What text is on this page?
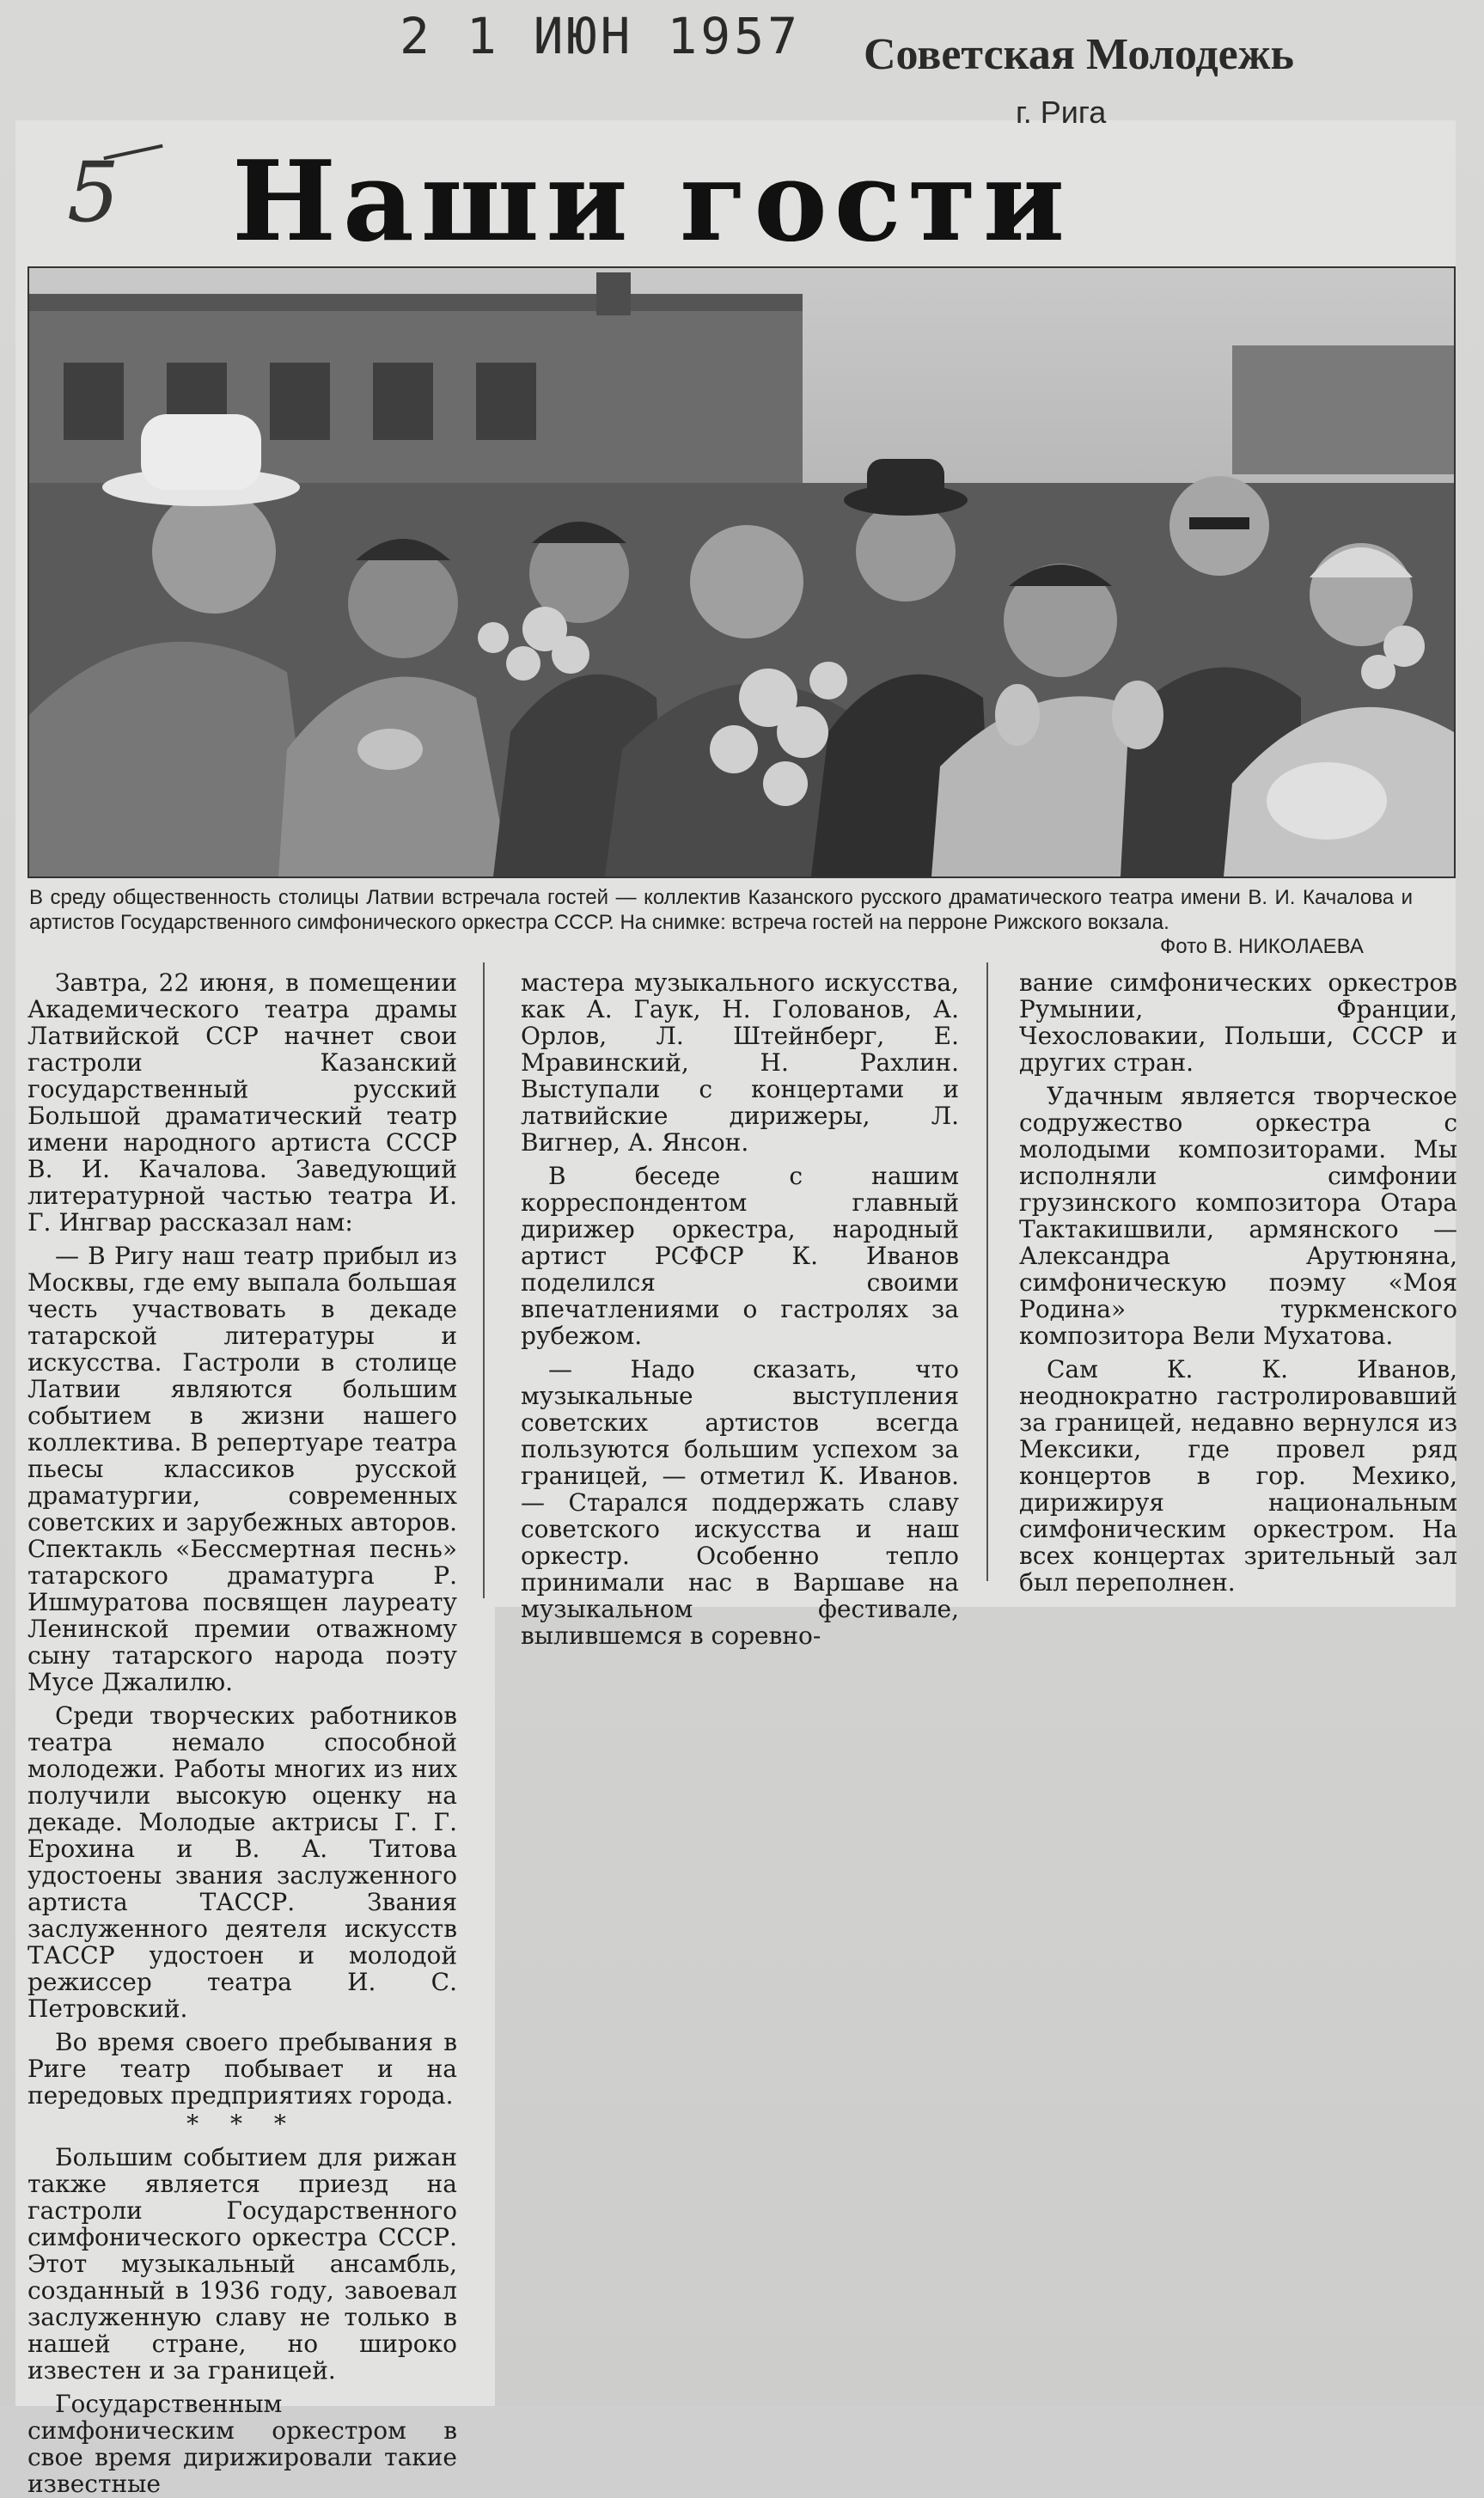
2 1 ИЮН 1957 Советская Молодежь
г. Рига
5 Наши гости
В среду общественность столицы Латвии встречала гостей — коллектив Казанского русского драматического театра имени В. И. Качалова и артистов Государственного симфонического оркестра СССР. На снимке: встреча гостей на перроне Рижского вокзала.
Фото В. НИКОЛАЕВА

Завтра, 22 июня, в помещении Академического театра драмы Латвийской ССР начнет свои гастроли Казанский государственный русский Большой драматический театр имени народного артиста СССР В. И. Качалова. Заведующий литературной частью театра И. Г. Ингвар рассказал нам:

— В Ригу наш театр прибыл из Москвы, где ему выпала большая честь участвовать в декаде татарской литературы и искусства. Гастроли в столице Латвии являются большим событием в жизни нашего коллектива. В репертуаре театра пьесы классиков русской драматургии, современных советских и зарубежных авторов. Спектакль «Бессмертная песнь» татарского драматурга Р. Ишмуратова посвящен лауреату Ленинской премии отважному сыну татарского народа поэту Мусе Джалилю.

Среди творческих работников театра немало способной молодежи. Работы многих из них получили высокую оценку на декаде. Молодые актрисы Г. Г. Ерохина и В. А. Титова удостоены звания заслуженного артиста ТАССР. Звания заслуженного деятеля искусств ТАССР удостоен и молодой режиссер театра И. С. Петровский.

Во время своего пребывания в Риге театр побывает и на передовых предприятиях города.

* * *

Большим событием для рижан также является приезд на гастроли Государственного симфонического оркестра СССР. Этот музыкальный ансамбль, созданный в 1936 году, завоевал заслуженную славу не только в нашей стране, но широко известен и за границей.

Государственным симфоническим оркестром в свое время дирижировали такие известные

мастера музыкального искусства, как А. Гаук, Н. Голованов, А. Орлов, Л. Штейнберг, Е. Мравинский, Н. Рахлин. Выступали с концертами и латвийские дирижеры, Л. Вигнер, А. Янсон.

В беседе с нашим корреспондентом главный дирижер оркестра, народный артист РСФСР К. Иванов поделился своими впечатлениями о гастролях за рубежом.

— Надо сказать, что музыкальные выступления советских артистов всегда пользуются большим успехом за границей, — отметил К. Иванов. — Старался поддержать славу советского искусства и наш оркестр. Особенно тепло принимали нас в Варшаве на музыкальном фестивале, вылившемся в соревно-

вание симфонических оркестров Румынии, Франции, Чехословакии, Польши, СССР и других стран.

Удачным является творческое содружество оркестра с молодыми композиторами. Мы исполняли симфонии грузинского композитора Отара Тактакишвили, армянского — Александра Арутюняна, симфоническую поэму «Моя Родина» туркменского композитора Вели Мухатова.

Сам К. К. Иванов, неоднократно гастролировавший за границей, недавно вернулся из Мексики, где провел ряд концертов в гор. Мехико, дирижируя национальным симфоническим оркестром. На всех концертах зрительный зал был переполнен.
